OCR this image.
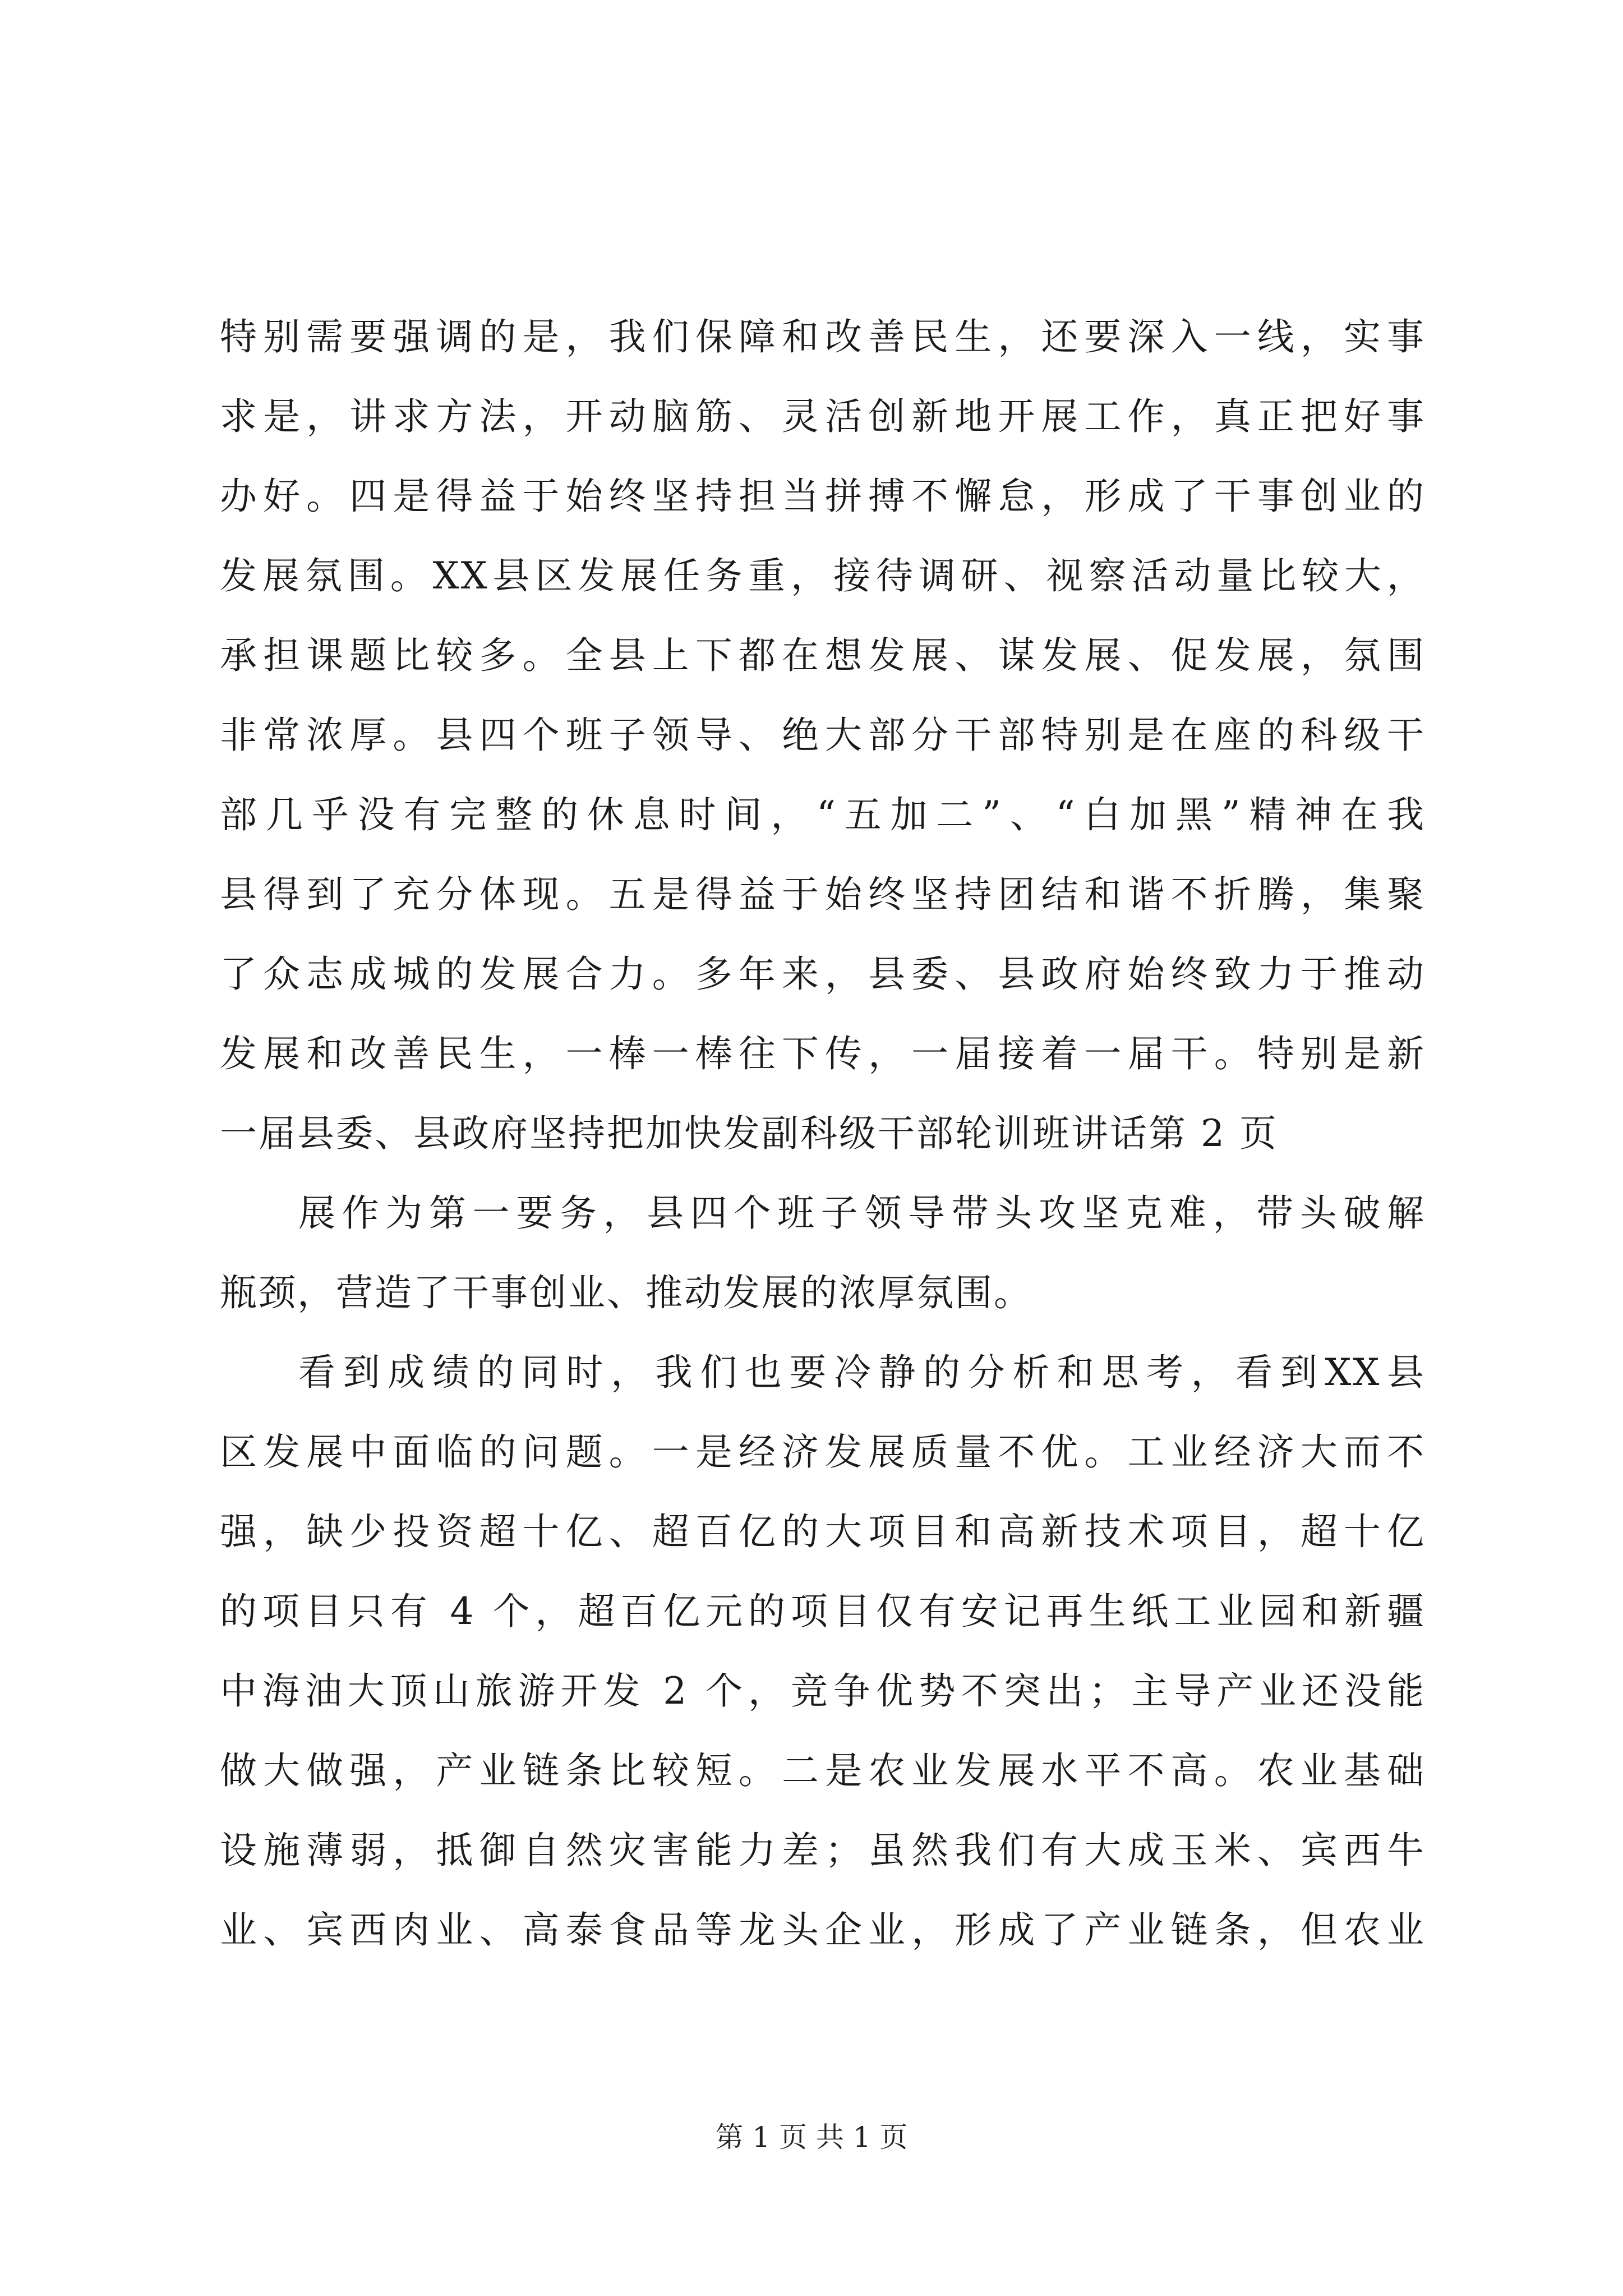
特别需要强调的是，我们保障和改善民生，还要深入一线，实事
求是，讲求方法，开动脑筋、灵活创新地开展工作，真正把好事
办好。四是得益于始终坚持担当拼搏不懈怠，形成了干事创业的
发展氛围。XX县区发展任务重，接待调研、视察活动量比较大，
承担课题比较多。全县上下都在想发展、谋发展、促发展，氛围
非常浓厚。县四个班子领导、绝大部分干部特别是在座的科级干
部几乎没有完整的休息时间，“五加二”、“白加黑”精神在我
县得到了充分体现。五是得益于始终坚持团结和谐不折腾，集聚
了众志成城的发展合力。多年来，县委、县政府始终致力于推动
发展和改善民生，一棒一棒往下传，一届接着一届干。特别是新
一届县委、县政府坚持把加快发副科级干部轮训班讲话第 2 页
展作为第一要务，县四个班子领导带头攻坚克难，带头破解
瓶颈，营造了干事创业、推动发展的浓厚氛围。
看到成绩的同时，我们也要冷静的分析和思考，看到XX县
区发展中面临的问题。一是经济发展质量不优。工业经济大而不
强，缺少投资超十亿、超百亿的大项目和高新技术项目，超十亿
的项目只有 4 个，超百亿元的项目仅有安记再生纸工业园和新疆
中海油大顶山旅游开发 2 个，竞争优势不突出；主导产业还没能
做大做强，产业链条比较短。二是农业发展水平不高。农业基础
设施薄弱，抵御自然灾害能力差；虽然我们有大成玉米、宾西牛
业、宾西肉业、高泰食品等龙头企业，形成了产业链条，但农业
第 1 页 共 1 页
